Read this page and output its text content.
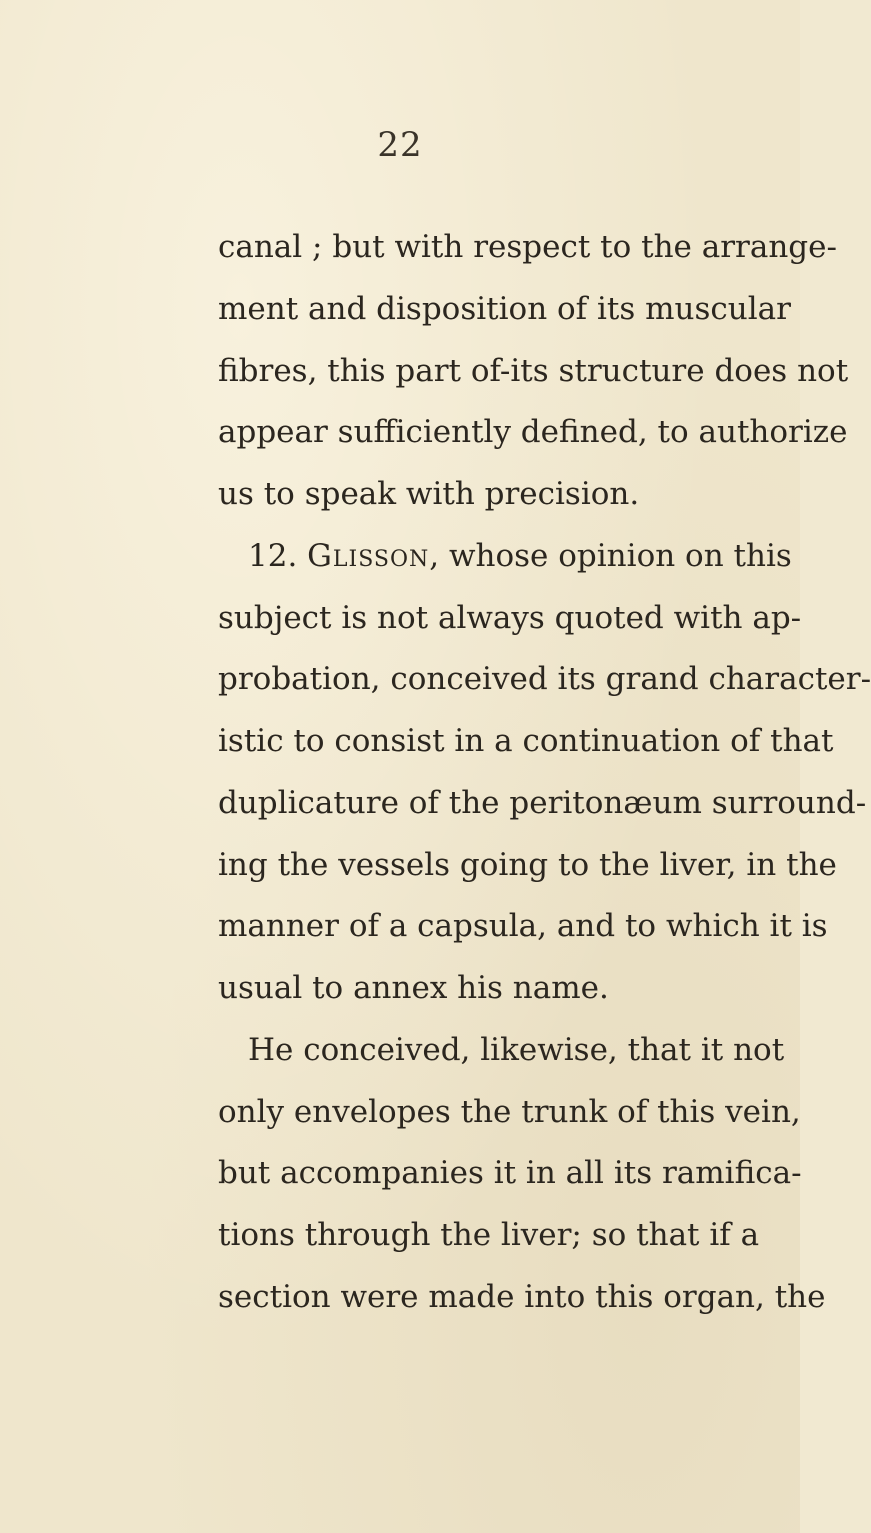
22
canal ; but with respect to the arrange-
ment and disposition of its muscular
fibres, this part of-its structure does not
appear sufficiently defined, to authorize
us to speak with precision.
12. Glisson, whose opinion on this
subject is not always quoted with ap-
probation, conceived its grand character-
istic to consist in a continuation of that
duplicature of the peritonæum surround-
ing the vessels going to the liver, in the
manner of a capsula, and to which it is
usual to annex his name.
He conceived, likewise, that it not
only envelopes the trunk of this vein,
but accompanies it in all its ramifica-
tions through the liver; so that if a
section were made into this organ, the
